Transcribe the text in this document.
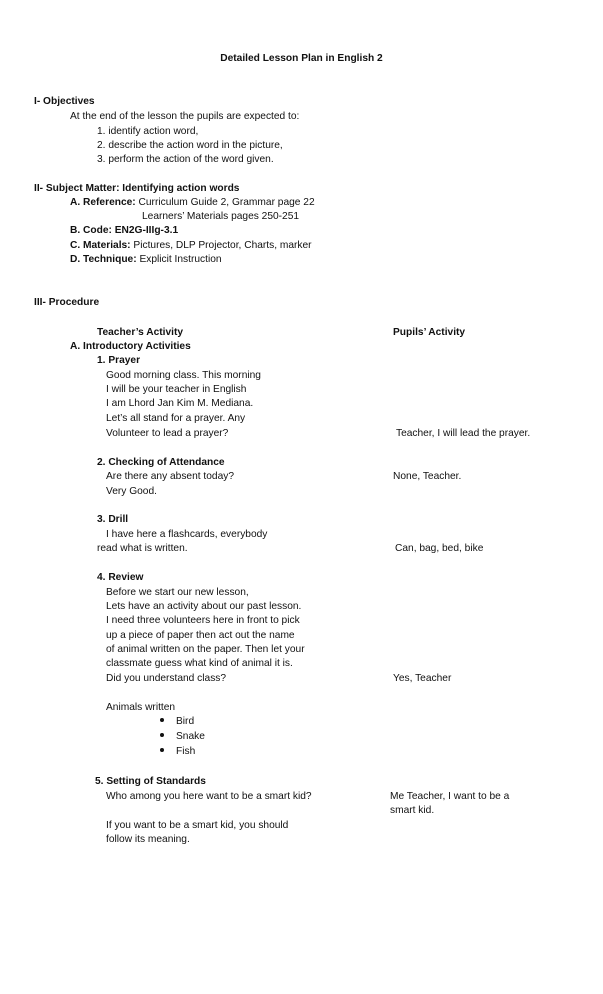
Detailed Lesson Plan in English 2
I- Objectives
At the end of the lesson the pupils are expected to:
1. identify action word,
2. describe the action word in the picture,
3. perform the action of the word given.
II- Subject Matter: Identifying action words
A. Reference: Curriculum Guide 2, Grammar page 22
Learners’ Materials pages 250-251
B. Code: EN2G-IIIg-3.1
C. Materials: Pictures, DLP Projector, Charts, marker
D. Technique: Explicit Instruction
III- Procedure
Teacher’s Activity	Pupils’ Activity
A. Introductory Activities
1. Prayer
Good morning class. This morning
I will be your teacher in English
I am Lhord Jan Kim M. Mediana.
Let’s all stand for a prayer. Any
Volunteer to lead a prayer?	Teacher, I will lead the prayer.
2. Checking of Attendance
Are there any absent today?	None, Teacher.
Very Good.
3. Drill
I have here a flashcards, everybody
read what is written.	Can, bag, bed, bike
4. Review
Before we start our new lesson,
Lets have an activity about our past lesson.
I need three volunteers here in front to pick
up a piece of paper then act out the name
of animal written on the paper. Then let your
classmate guess what kind of animal it is.
Did you understand class?	Yes, Teacher
Animals written
Bird
Snake
Fish
5. Setting of Standards
Who among you here want to be a smart kid?	Me Teacher, I want to be a
smart kid.
If you want to be a smart kid, you should
follow its meaning.
